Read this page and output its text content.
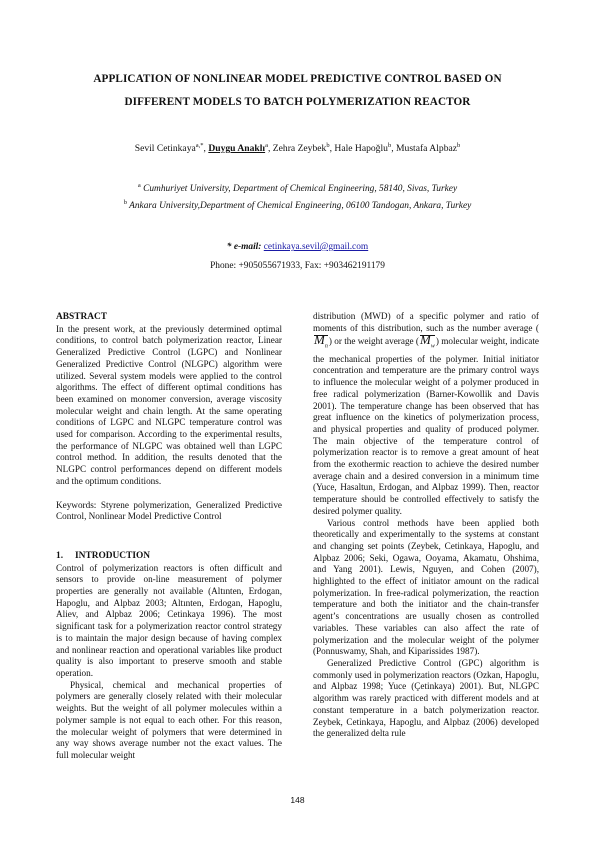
APPLICATION OF NONLINEAR MODEL PREDICTIVE CONTROL BASED ON
DIFFERENT MODELS TO BATCH POLYMERIZATION REACTOR
Sevil Cetinkaya$^{a,*}$, Duygu Anaklı$^a$, Zehra Zeybek$^b$, Hale Hapoğlu$^b$, Mustafa Alpbaz$^b$
$^a$ Cumhuriyet University, Department of Chemical Engineering, 58140, Sivas, Turkey
$^b$ Ankara University,Department of Chemical Engineering, 06100 Tandogan, Ankara, Turkey
* e-mail: cetinkaya.sevil@gmail.com
Phone: +905055671933, Fax: +903462191179

ABSTRACT

In the present work, at the previously determined optimal conditions, to control batch polymerization reactor, Linear Generalized Predictive Control (LGPC) and Nonlinear Generalized Predictive Control (NLGPC) algorithm were utilized. Several system models were applied to the control algorithms. The effect of different optimal conditions has been examined on monomer conversion, average viscosity molecular weight and chain length. At the same operating conditions of LGPC and NLGPC temperature control was used for comparison. According to the experimental results, the performance of NLGPC was obtained well than LGPC control method. In addition, the results denoted that the NLGPC control performances depend on different models and the optimum conditions.

Keywords: Styrene polymerization, Generalized Predictive Control, Nonlinear Model Predictive Control

1. INTRODUCTION

Control of polymerization reactors is often difficult and sensors to provide on-line measurement of polymer properties are generally not available (Altınten, Erdogan, Hapoglu, and Alpbaz 2003; Altınten, Erdogan, Hapoglu, Aliev, and Alpbaz 2006; Cetinkaya 1996). The most significant task for a polymerization reactor control strategy is to maintain the major design because of having complex and nonlinear reaction and operational variables like product quality is also important to preserve smooth and stable operation.

Physical, chemical and mechanical properties of polymers are generally closely related with their molecular weights. But the weight of all polymer molecules within a polymer sample is not equal to each other. For this reason, the molecular weight of polymers that were determined in any way shows average number not the exact values. The full molecular weight

distribution (MWD) of a specific polymer and ratio of moments of this distribution, such as the number average $(M_n)$ or the weight average $(M_w)$ molecular weight, indicate the mechanical properties of the polymer. Initial initiator concentration and temperature are the primary control ways to influence the molecular weight of a polymer produced in free radical polymerization (Barner-Kowollik and Davis 2001). The temperature change has been observed that has great influence on the kinetics of polymerization process, and physical properties and quality of produced polymer. The main objective of the temperature control of polymerization reactor is to remove a great amount of heat from the exothermic reaction to achieve the desired number average chain and a desired conversion in a minimum time (Yuce, Hasaltun, Erdogan, and Alpbaz 1999). Then, reactor temperature should be controlled effectively to satisfy the desired polymer quality.

Various control methods have been applied both theoretically and experimentally to the systems at constant and changing set points (Zeybek, Cetinkaya, Hapoglu, and Alpbaz 2006; Seki, Ogawa, Ooyama, Akamatu, Ohshima, and Yang 2001). Lewis, Nguyen, and Cohen (2007), highlighted to the effect of initiator amount on the radical polymerization. In free-radical polymerization, the reaction temperature and both the initiator and the chain-transfer agent’s concentrations are usually chosen as controlled variables. These variables can also affect the rate of polymerization and the molecular weight of the polymer (Ponnuswamy, Shah, and Kiparissides 1987).

Generalized Predictive Control (GPC) algorithm is commonly used in polymerization reactors (Ozkan, Hapoglu, and Alpbaz 1998; Yuce (Çetinkaya) 2001). But, NLGPC algorithm was rarely practiced with different models and at constant temperature in a batch polymerization reactor. Zeybek, Cetinkaya, Hapoglu, and Alpbaz (2006) developed the generalized delta rule

148
